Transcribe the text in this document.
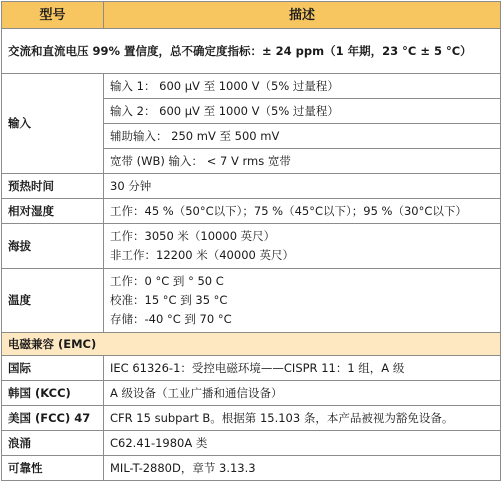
型号	描述
交流和直流电压 99% 置信度，总不确定度指标：± 24 ppm（1 年期，23 °C ± 5 °C）	
输入	输入 1： 600 µV 至 1000 V（5% 过量程）
	输入 2： 600 µV 至 1000 V（5% 过量程）
	辅助输入： 250 mV 至 500 mV
	宽带 (WB) 输入： < 7 V rms 宽带
预热时间	30 分钟
相对湿度	工作：45 %（50°C以下）；75 %（45°C以下）；95 %（30°C以下）
海拔	工作：3050 米（10000 英尺）
非工作：12200 米（40000 英尺）

温度	工作：0 °C 到 ° 50 C
校准：15 °C 到 35 °C
存储：-40 °C 到 70 °C

电磁兼容 (EMC)	
国际	IEC 61326-1：受控电磁环境——CISPR 11：1 组，A 级
韩国 (KCC)	A 级设备（工业广播和通信设备）
美国 (FCC) 47	CFR 15 subpart B。根据第 15.103 条，本产品被视为豁免设备。
浪涌	C62.41-1980A 类
可靠性	MIL-T-2880D，章节 3.13.3
